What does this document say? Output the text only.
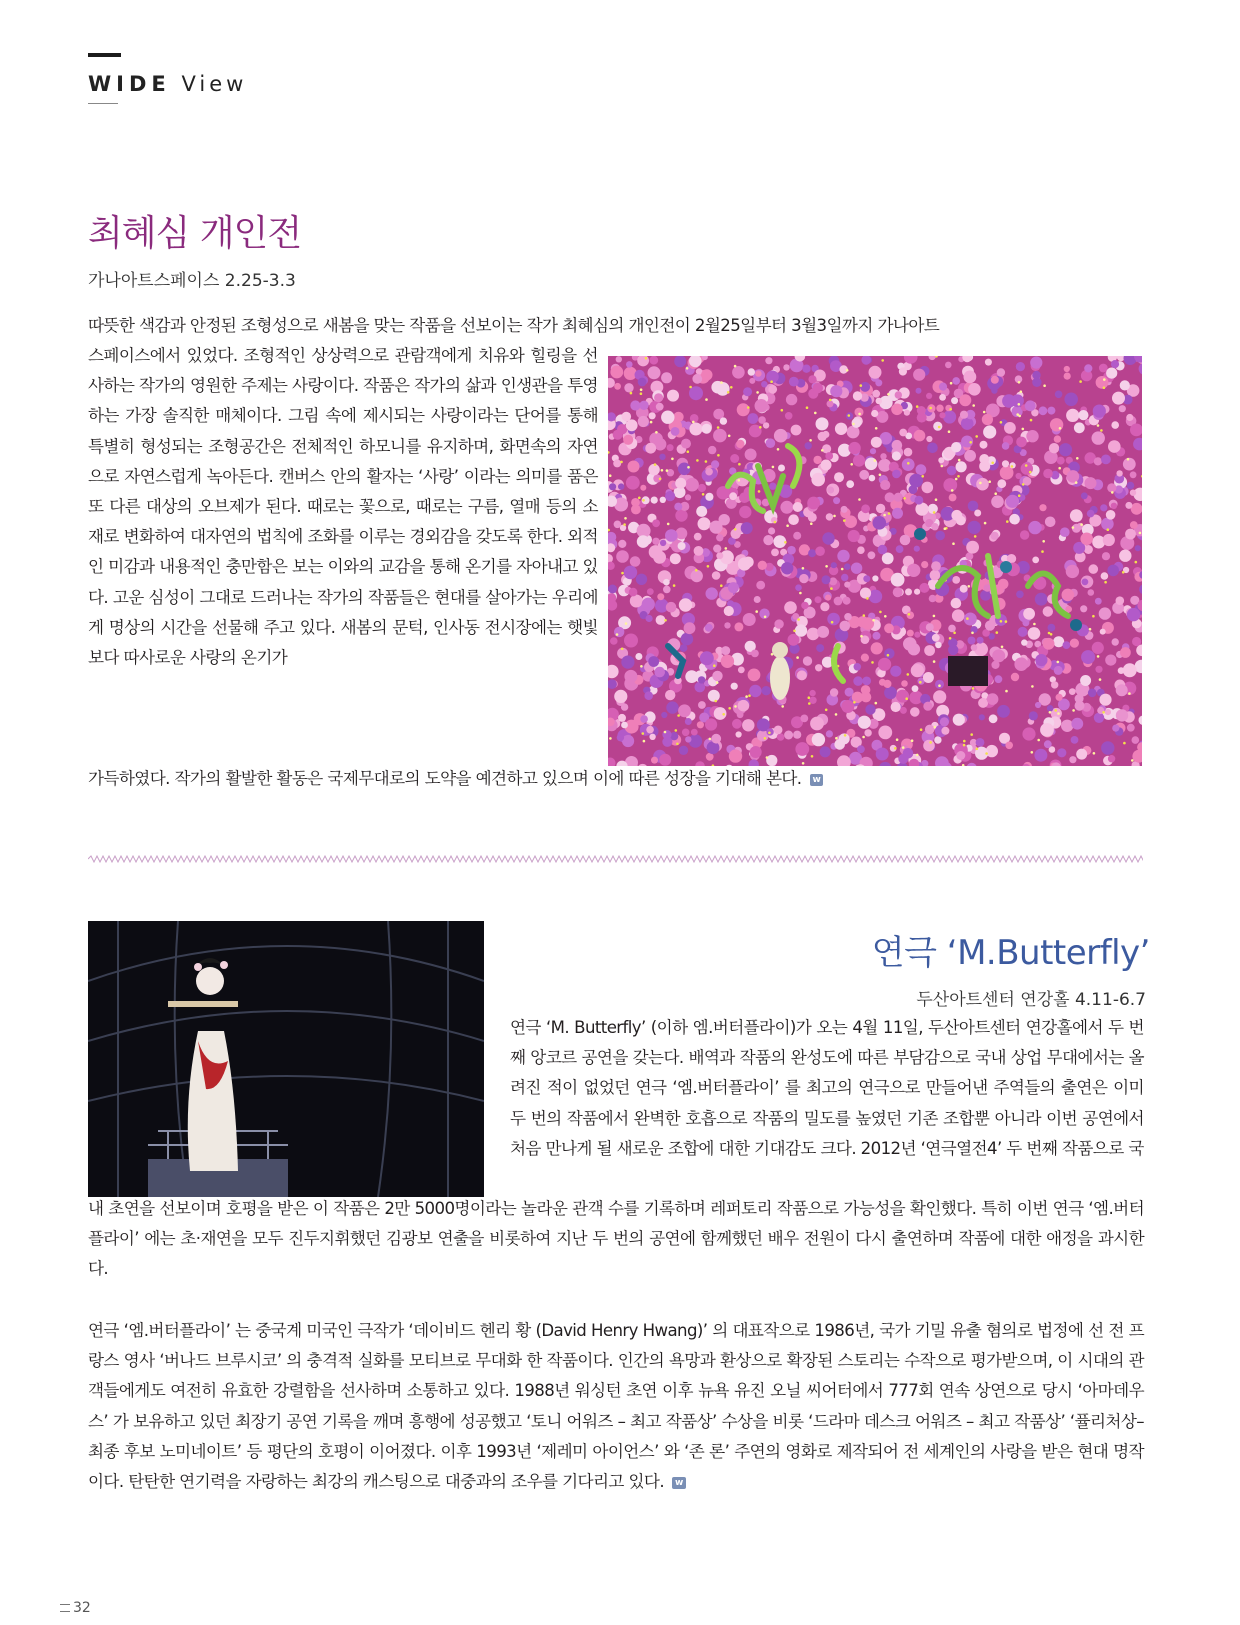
WIDE View
최혜심 개인전
가나아트스페이스 2.25-3.3
따뜻한 색감과 안정된 조형성으로 새봄을 맞는 작품을 선보이는 작가 최혜심의 개인전이 2월25일부터 3월3일까지 가나아트
스페이스에서 있었다. 조형적인 상상력으로 관람객에게 치유와 힐링을 선사하는 작가의 영원한 주제는 사랑이다. 작품은 작가의 삶과 인생관을 투영하는 가장 솔직한 매체이다. 그림 속에 제시되는 사랑이라는 단어를 통해 특별히 형성되는 조형공간은 전체적인 하모니를 유지하며, 화면속의 자연으로 자연스럽게 녹아든다. 캔버스 안의 활자는 ‘사랑’ 이라는 의미를 품은 또 다른 대상의 오브제가 된다. 때로는 꽃으로, 때로는 구름, 열매 등의 소재로 변화하여 대자연의 법칙에 조화를 이루는 경외감을 갖도록 한다. 외적인 미감과 내용적인 충만함은 보는 이와의 교감을 통해 온기를 자아내고 있다. 고운 심성이 그대로 드러나는 작가의 작품들은 현대를 살아가는 우리에게 명상의 시간을 선물해 주고 있다. 새봄의 문턱, 인사동 전시장에는 햇빛보다 따사로운 사랑의 온기가
가득하였다. 작가의 활발한 활동은 국제무대로의 도약을 예견하고 있으며 이에 따른 성장을 기대해 본다. w
연극 ‘M.Butterfly’
두산아트센터 연강홀 4.11-6.7
연극 ‘M. Butterfly’ (이하 엠.버터플라이)가 오는 4월 11일, 두산아트센터 연강홀에서 두 번째 앙코르 공연을 갖는다. 배역과 작품의 완성도에 따른 부담감으로 국내 상업 무대에서는 올려진 적이 없었던 연극 ‘엠.버터플라이’ 를 최고의 연극으로 만들어낸 주역들의 출연은 이미 두 번의 작품에서 완벽한 호흡으로 작품의 밀도를 높였던 기존 조합뿐 아니라 이번 공연에서 처음 만나게 될 새로운 조합에 대한 기대감도 크다. 2012년 ‘연극열전4’ 두 번째 작품으로 국
내 초연을 선보이며 호평을 받은 이 작품은 2만 5000명이라는 놀라운 관객 수를 기록하며 레퍼토리 작품으로 가능성을 확인했다. 특히 이번 연극 ‘엠.버터플라이’ 에는 초·재연을 모두 진두지휘했던 김광보 연출을 비롯하여 지난 두 번의 공연에 함께했던 배우 전원이 다시 출연하며 작품에 대한 애정을 과시한다.
연극 ‘엠.버터플라이’ 는 중국계 미국인 극작가 ‘데이비드 헨리 황 (David Henry Hwang)’ 의 대표작으로 1986년, 국가 기밀 유출 혐의로 법정에 선 전 프랑스 영사 ‘버나드 브루시코’ 의 충격적 실화를 모티브로 무대화 한 작품이다. 인간의 욕망과 환상으로 확장된 스토리는 수작으로 평가받으며, 이 시대의 관객들에게도 여전히 유효한 강렬함을 선사하며 소통하고 있다. 1988년 워싱턴 초연 이후 뉴욕 유진 오닐 씨어터에서 777회 연속 상연으로 당시 ‘아마데우스’ 가 보유하고 있던 최장기 공연 기록을 깨며 흥행에 성공했고 ‘토니 어워즈 – 최고 작품상’ 수상을 비롯 ‘드라마 데스크 어워즈 – 최고 작품상’ ‘퓰리처상– 최종 후보 노미네이트’ 등 평단의 호평이 이어졌다. 이후 1993년 ‘제레미 아이언스’ 와 ‘존 론’ 주연의 영화로 제작되어 전 세계인의 사랑을 받은 현대 명작이다. 탄탄한 연기력을 자랑하는 최강의 캐스팅으로 대중과의 조우를 기다리고 있다. w
32
